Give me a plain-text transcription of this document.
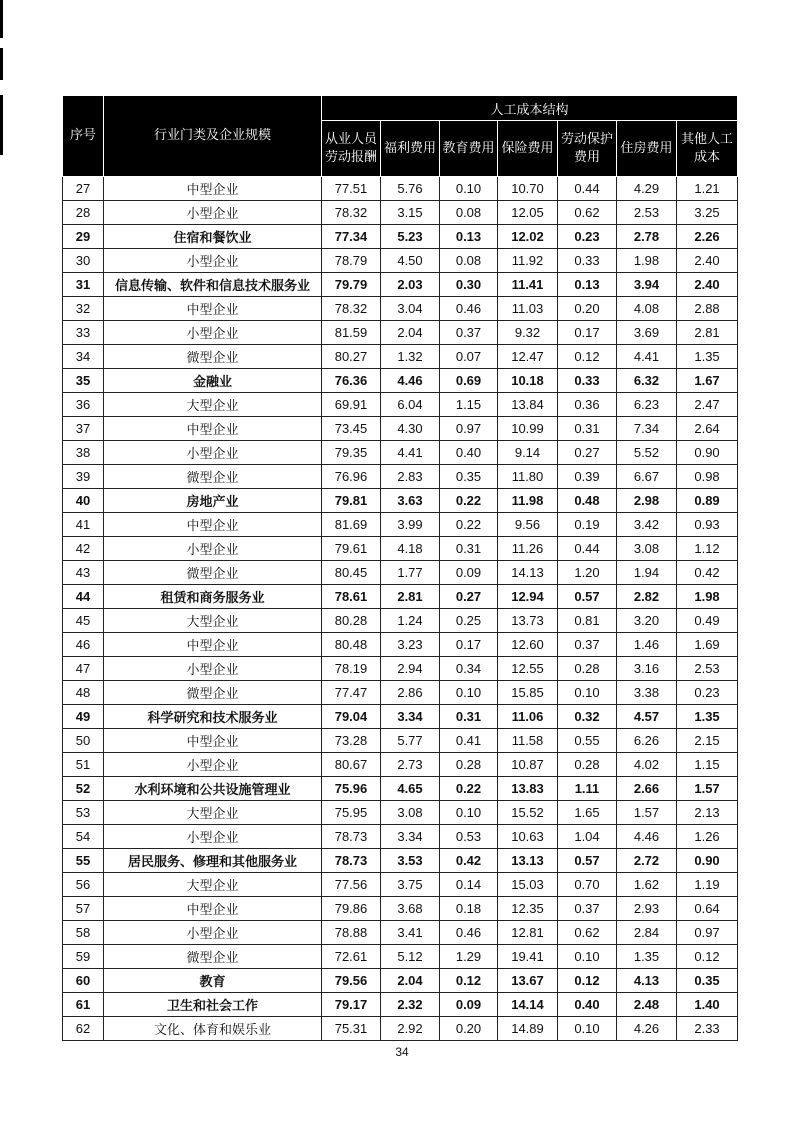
序号	行业门类及企业规模	人工成本结构						
		从业人员劳动报酬	福利费用	教育费用	保险费用	劳动保护费用	住房费用	其他人工成本
27	中型企业	77.51	5.76	0.10	10.70	0.44	4.29	1.21
28	小型企业	78.32	3.15	0.08	12.05	0.62	2.53	3.25
29	住宿和餐饮业	77.34	5.23	0.13	12.02	0.23	2.78	2.26
30	小型企业	78.79	4.50	0.08	11.92	0.33	1.98	2.40
31	信息传输、软件和信息技术服务业	79.79	2.03	0.30	11.41	0.13	3.94	2.40
32	中型企业	78.32	3.04	0.46	11.03	0.20	4.08	2.88
33	小型企业	81.59	2.04	0.37	9.32	0.17	3.69	2.81
34	微型企业	80.27	1.32	0.07	12.47	0.12	4.41	1.35
35	金融业	76.36	4.46	0.69	10.18	0.33	6.32	1.67
36	大型企业	69.91	6.04	1.15	13.84	0.36	6.23	2.47
37	中型企业	73.45	4.30	0.97	10.99	0.31	7.34	2.64
38	小型企业	79.35	4.41	0.40	9.14	0.27	5.52	0.90
39	微型企业	76.96	2.83	0.35	11.80	0.39	6.67	0.98
40	房地产业	79.81	3.63	0.22	11.98	0.48	2.98	0.89
41	中型企业	81.69	3.99	0.22	9.56	0.19	3.42	0.93
42	小型企业	79.61	4.18	0.31	11.26	0.44	3.08	1.12
43	微型企业	80.45	1.77	0.09	14.13	1.20	1.94	0.42
44	租赁和商务服务业	78.61	2.81	0.27	12.94	0.57	2.82	1.98
45	大型企业	80.28	1.24	0.25	13.73	0.81	3.20	0.49
46	中型企业	80.48	3.23	0.17	12.60	0.37	1.46	1.69
47	小型企业	78.19	2.94	0.34	12.55	0.28	3.16	2.53
48	微型企业	77.47	2.86	0.10	15.85	0.10	3.38	0.23
49	科学研究和技术服务业	79.04	3.34	0.31	11.06	0.32	4.57	1.35
50	中型企业	73.28	5.77	0.41	11.58	0.55	6.26	2.15
51	小型企业	80.67	2.73	0.28	10.87	0.28	4.02	1.15
52	水利环境和公共设施管理业	75.96	4.65	0.22	13.83	1.11	2.66	1.57
53	大型企业	75.95	3.08	0.10	15.52	1.65	1.57	2.13
54	小型企业	78.73	3.34	0.53	10.63	1.04	4.46	1.26
55	居民服务、修理和其他服务业	78.73	3.53	0.42	13.13	0.57	2.72	0.90
56	大型企业	77.56	3.75	0.14	15.03	0.70	1.62	1.19
57	中型企业	79.86	3.68	0.18	12.35	0.37	2.93	0.64
58	小型企业	78.88	3.41	0.46	12.81	0.62	2.84	0.97
59	微型企业	72.61	5.12	1.29	19.41	0.10	1.35	0.12
60	教育	79.56	2.04	0.12	13.67	0.12	4.13	0.35
61	卫生和社会工作	79.17	2.32	0.09	14.14	0.40	2.48	1.40
62	文化、体育和娱乐业	75.31	2.92	0.20	14.89	0.10	4.26	2.33
34
